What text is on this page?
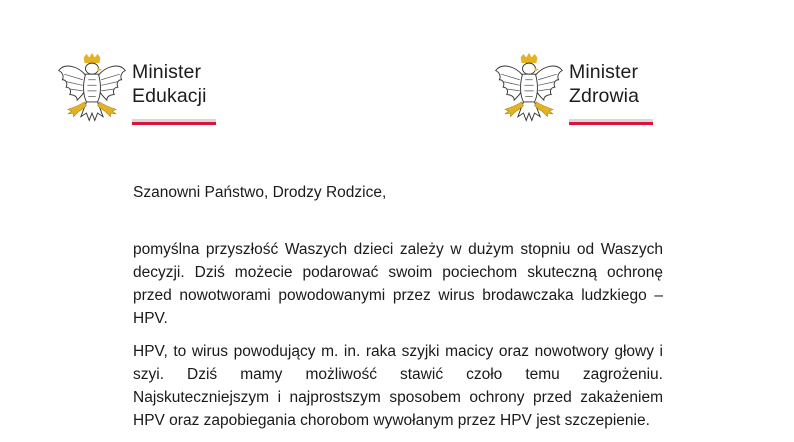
Minister
Edukacji
Minister
Zdrowia
Szanowni Państwo, Drodzy Rodzice,

pomyślna przyszłość Waszych dzieci zależy w dużym stopniu od Waszych decyzji. Dziś możecie podarować swoim pociechom skuteczną ochronę przed nowotworami powodowanymi przez wirus brodawczaka ludzkiego – HPV.

HPV, to wirus powodujący m. in. raka szyjki macicy oraz nowotwory głowy i szyi. Dziś mamy możliwość stawić czoło temu zagrożeniu. Najskuteczniejszym i najprostszym sposobem ochrony przed zakażeniem HPV oraz zapobiegania chorobom wywołanym przez HPV jest szczepienie.
